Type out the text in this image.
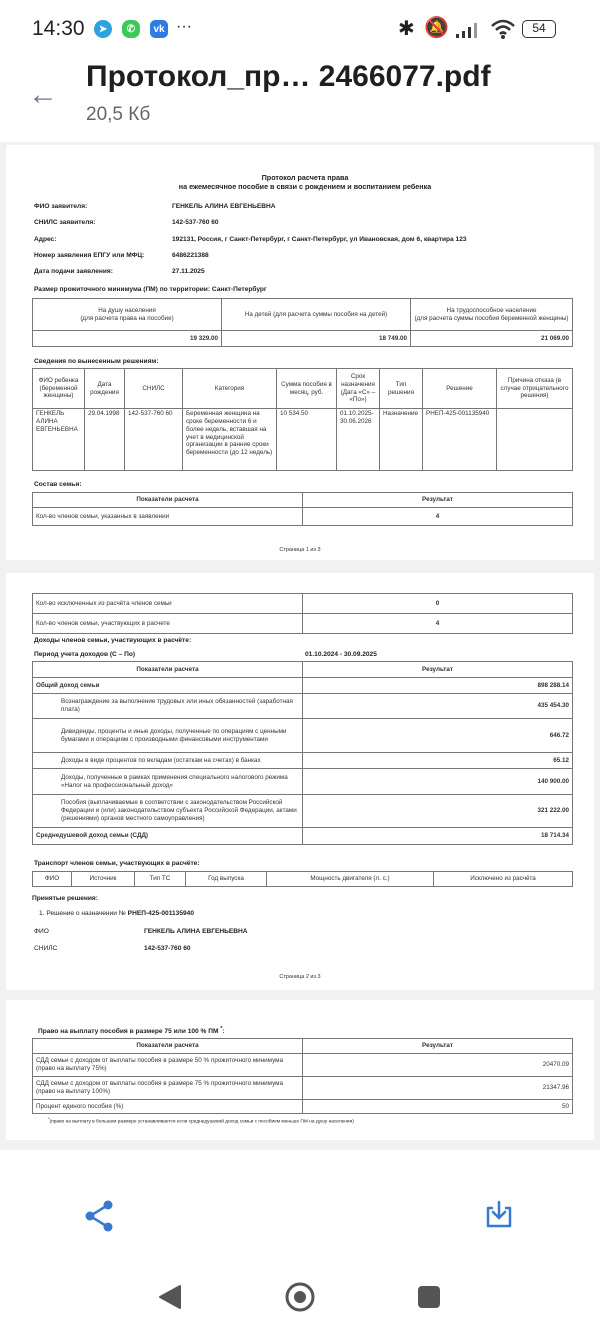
14:30	➤	✆	vk ···	✱ 🔕	54
←
Протокол_пр… 2466077.pdf
20,5 Кб
Протокол расчета права
на ежемесячное пособие в связи с рождением и воспитанием ребенка
ФИО заявителя:	ГЕНКЕЛЬ АЛИНА ЕВГЕНЬЕВНА
СНИЛС заявителя:	142-537-760 60
Адрес:	192131, Россия, г Санкт-Петербург, г Санкт-Петербург, ул Ивановская, дом 6, квартира 123
Номер заявления ЕПГУ или МФЦ:	6486221388
Дата подачи заявления:	27.11.2025
Размер прожиточного минимума (ПМ) по территории: Санкт-Петербург
На душу населения
(для расчета права на пособие)	На детей (для расчета суммы пособия на детей)	На трудоспособное население
(для расчета суммы пособия беременной женщины)
19 329.00	18 749.00	21 069.00
Сведения по вынесенным решениям:
ФИО ребенка (беременной женщины)	Дата рождения	СНИЛС	Категория	Сумма пособия в месяц, руб.	Срок назначения (Дата «С» – «По»)	Тип решения	Решение	Причина отказа (в случае отрицательного решения)
ГЕНКЕЛЬ АЛИНА ЕВГЕНЬЕВНА	29.04.1998	142-537-760 60	Беременная женщина на сроке беременности 6 и более недель, вставшая на учет в медицинской организации в ранние сроки беременности (до 12 недель)	10 534.50	01.10.2025-30.06.2026	Назначение	РНЕП-425-001135940	
Состав семьи:
Показатели расчета	Результат
Кол-во членов семьи, указанных в заявлении	4
Страница 1 из 3
Кол-во исключенных из расчёта членов семьи	0
Кол-во членов семьи, участвующих в расчете	4
Доходы членов семьи, участвующих в расчёте:
Период учета доходов (С – По)	01.10.2024 - 30.09.2025
Показатели расчета	Результат
Общий доход семьи	898 288.14
Вознаграждение за выполнение трудовых или иных обязанностей (заработная плата)	435 454.30
Дивиденды, проценты и иные доходы, полученные по операциям с ценными бумагами и операциям с производными финансовыми инструментами	646.72
Доходы в виде процентов по вкладам (остаткам на счетах) в банках	65.12
Доходы, полученные в рамках применения специального налогового режима «Налог на профессиональный доход»	140 900.00
Пособия (выплачиваемые в соответствии с законодательством Российской Федерации и (или) законодательством субъекта Российской Федерации, актами (решениями) органов местного самоуправления)	321 222.00
Среднедушевой доход семьи (СДД)	18 714.34
Транспорт членов семьи, участвующих в расчёте:
ФИО	Источник	Тип ТС	Год выпуска	Мощность двигателя (л. с.)	Исключено из расчёта
Принятые решения:
1. Решение о назначении № РНЕП-425-001135940
ФИО	ГЕНКЕЛЬ АЛИНА ЕВГЕНЬЕВНА
СНИЛС	142-537-760 60
Страница 2 из 3
Право на выплату пособия в размере 75 или 100 % ПМ *:
Показатели расчета	Результат
СДД семьи с доходом от выплаты пособия в размере 50 % прожиточного минимума (право на выплату 75%)	20470.09
СДД семьи с доходом от выплаты пособия в размере 75 % прожиточного минимума (право на выплату 100%)	21347.96
Процент единого пособия (%)	50
*(право на выплату в большем размере устанавливается если среднедушевой доход семьи с пособием меньше ПМ на душу населения)
